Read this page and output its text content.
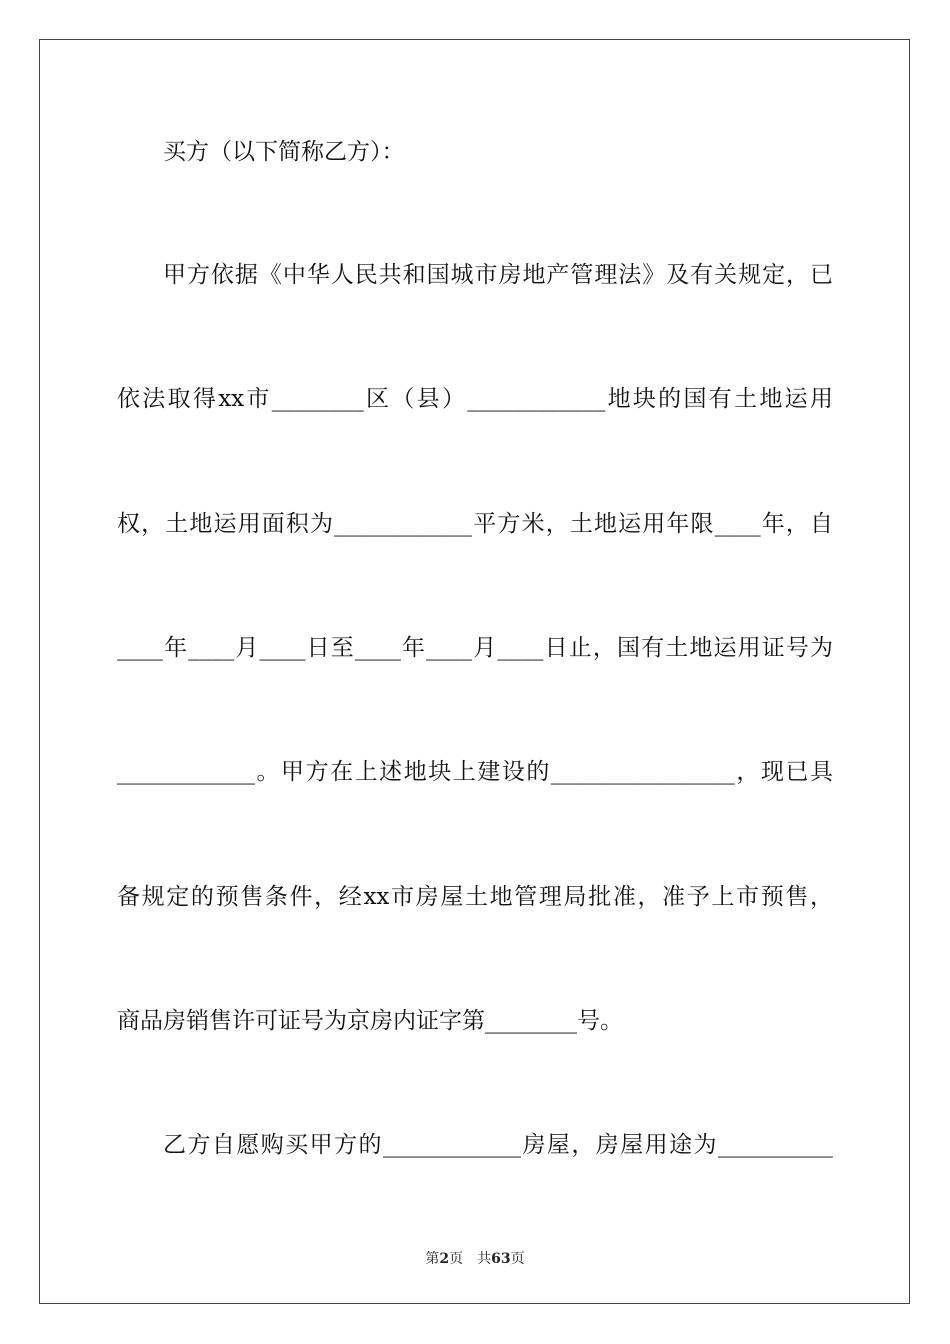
买方（以下简称乙方）：
甲方依据《中华人民共和国城市房地产管理法》及有关规定，已
依法取得xx市________区（县）____________地块的国有土地运用
权，土地运用面积为____________平方米，土地运用年限____年，自
____年____月____日至____年____月____日止，国有土地运用证号为
____________。甲方在上述地块上建设的________________，现已具
备规定的预售条件，经xx市房屋土地管理局批准，准予上市预售，
商品房销售许可证号为京房内证字第________号。
乙方自愿购买甲方的____________房屋，房屋用途为__________
第2页　共63页
